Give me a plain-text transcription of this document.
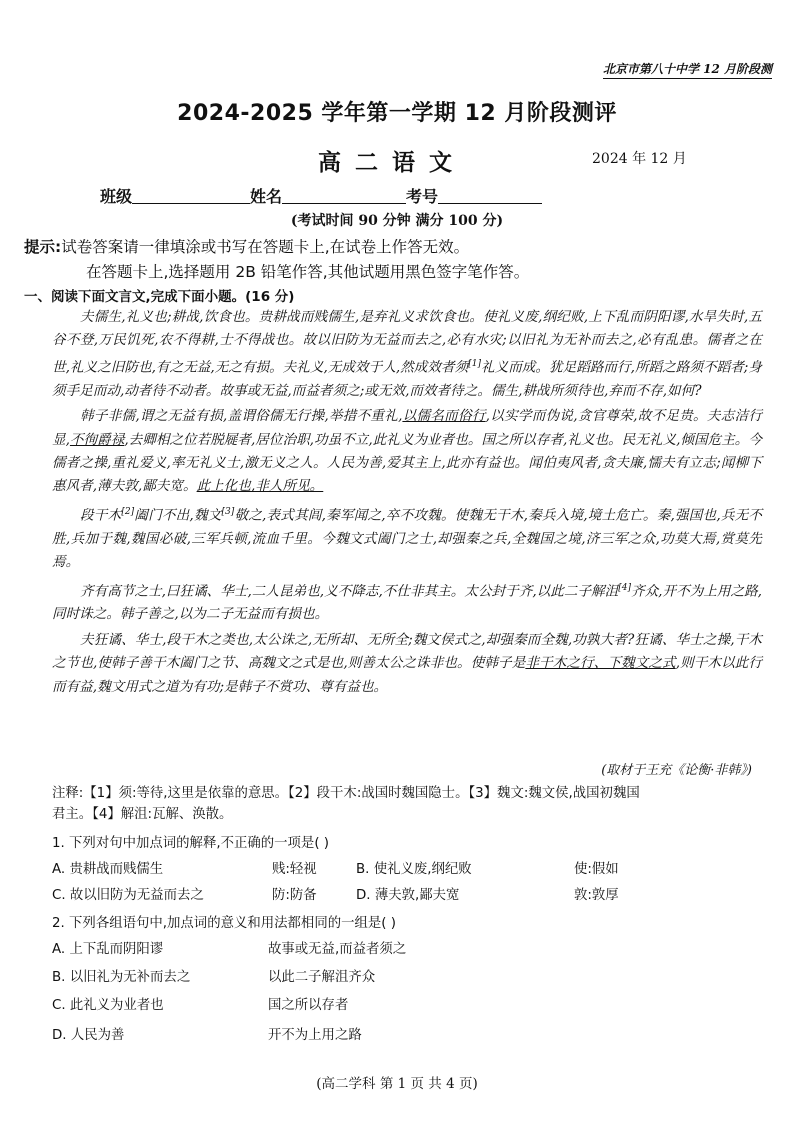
北京市第八十中学 12 月阶段测
2024-2025 学年第一学期 12 月阶段测评
高二语文	2024 年 12 月
班级	姓名	考号
(考试时间 90 分钟 满分 100 分)
提示:试卷答案请一律填涂或书写在答题卡上,在试卷上作答无效。
在答题卡上,选择题用 2B 铅笔作答,其他试题用黑色签字笔作答。
一、阅读下面文言文,完成下面小题。(16 分)

夫儒生,礼义也;耕战,饮食也。贵耕战而贱儒生,是弃礼义求饮食也。使礼义废,纲纪败,上下乱而阴阳谬,水旱失时,五谷不登,万民饥死,农不得耕,士不得战也。故以旧防为无益而去之,必有水灾;以旧礼为无补而去之,必有乱患。儒者之在世,礼义之旧防也,有之无益,无之有损。夫礼义,无成效于人,然成效者须[1]礼义而成。犹足蹈路而行,所蹈之路须不蹈者;身须手足而动,动者待不动者。故事或无益,而益者须之;或无效,而效者待之。儒生,耕战所须待也,弃而不存,如何?

韩子非儒,谓之无益有损,盖谓俗儒无行操,举措不重礼,以儒名而俗行,以实学而伪说,贪官尊荣,故不足贵。夫志洁行显,不徇爵禄,去卿相之位若脱屣者,居位治职,功虽不立,此礼义为业者也。国之所以存者,礼义也。民无礼义,倾国危主。今儒者之操,重礼爱义,率无礼义士,激无义之人。人民为善,爱其主上,此亦有益也。闻伯夷风者,贪夫廉,懦夫有立志;闻柳下惠风者,薄夫敦,鄙夫宽。此上化也,非人所见。

段干木[2]阖门不出,魏文[3]敬之,表式其闾,秦军闻之,卒不攻魏。使魏无干木,秦兵入境,境土危亡。秦,强国也,兵无不胜,兵加于魏,魏国必破,三军兵顿,流血千里。今魏文式阖门之士,却强秦之兵,全魏国之境,济三军之众,功莫大焉,赏莫先焉。

齐有高节之士,曰狂谲、华士,二人昆弟也,义不降志,不仕非其主。太公封于齐,以此二子解沮[4]齐众,开不为上用之路,同时诛之。韩子善之,以为二子无益而有损也。

夫狂谲、华士,段干木之类也,太公诛之,无所却、无所全;魏文侯式之,却强秦而全魏,功孰大者?狂谲、华士之操,干木之节也,使韩子善干木阖门之节、高魏文之式是也,则善太公之诛非也。使韩子是非干木之行、下魏文之式,则干木以此行而有益,魏文用式之道为有功;是韩子不赏功、尊有益也。

(取材于王充《论衡·非韩》)
注释:【1】须:等待,这里是依靠的意思。【2】段干木:战国时魏国隐士。【3】魏文:魏文侯,战国初魏国
君主。【4】解沮:瓦解、涣散。
1. 下列对句中加点词的解释,不正确的一项是( )
A. 贵耕战而贱儒生	贱:轻视	B. 使礼义废,纲纪败	使:假如
C. 故以旧防为无益而去之	防:防备	D. 薄夫敦,鄙夫宽	敦:敦厚
2. 下列各组语句中,加点词的意义和用法都相同的一组是( )
A. 上下乱而阴阳谬	故事或无益,而益者须之
B. 以旧礼为无补而去之	以此二子解沮齐众
C. 此礼义为业者也	国之所以存者
D. 人民为善	开不为上用之路
(高二学科 第 1 页 共 4 页)
